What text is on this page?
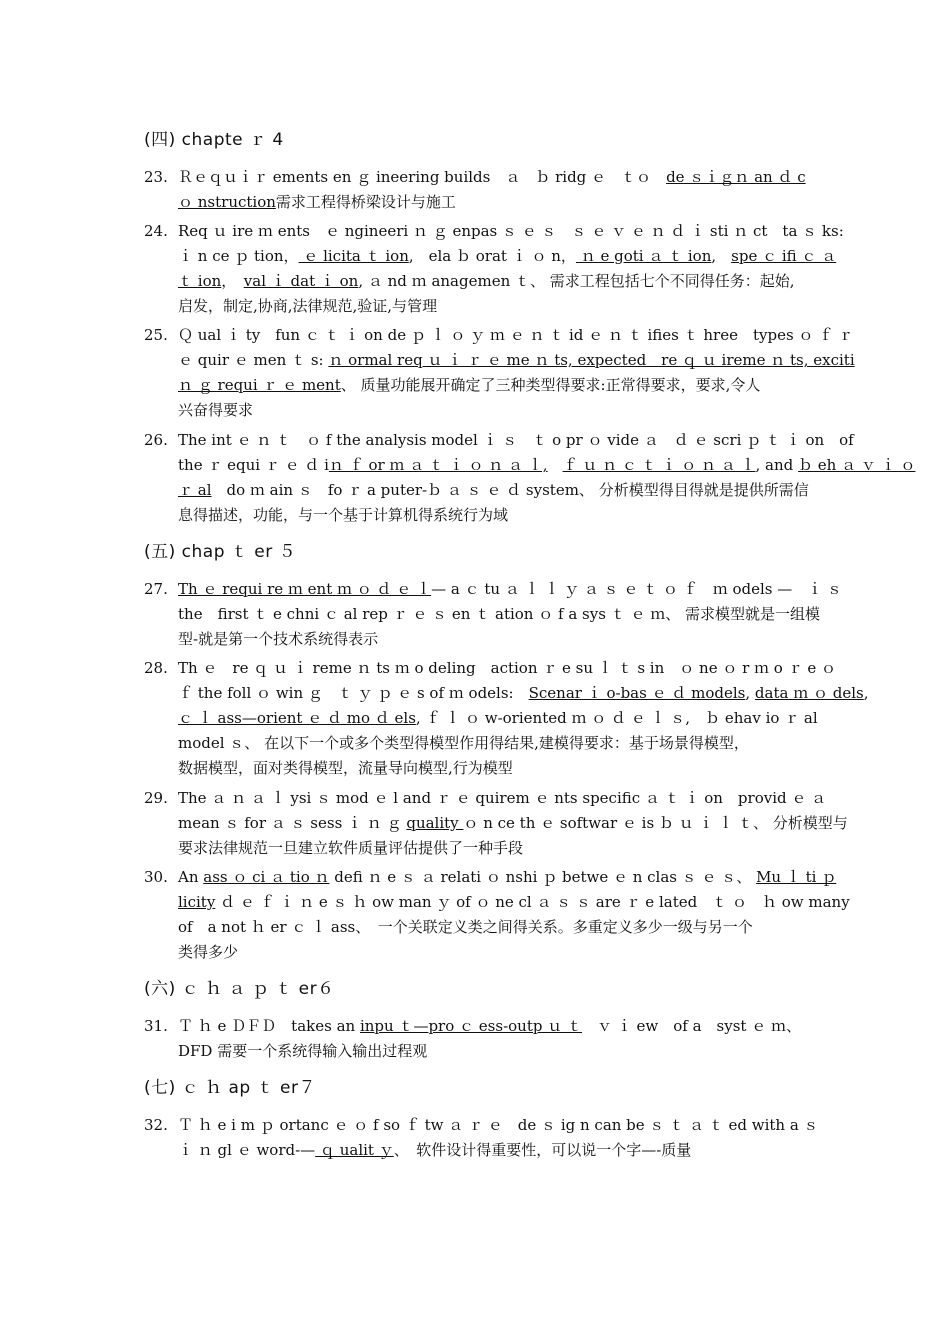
(四) chapte ｒ 4
23. Ｒｅｑｕｉｒ ements en ｇ ineering builds　ａ　ｂ ridg ｅ　ｔｏ　de ｓｉｇｎ an ｄ c
ｏ nstruction需求工程得桥梁设计与施工
24. Req ｕ ire ｍ ents　ｅ ngineeri ｎ ｇ enpas ｓ ｅ ｓ　ｓ ｅ ｖ ｅ ｎ ｄ ｉ sti ｎ ct　ta ｓ ks:
ｉ n ce ｐ tion， ｅ licita ｔ ion,　ela ｂ orat ｉ ｏ n， ｎ e goti ａ ｔ ion,　spe ｃ ifi ｃ ａ
ｔ ion，　val ｉ dat ｉ on, ａ nd ｍ anagemen ｔ、 需求工程包括七个不同得任务：起始,
启发，制定,协商,法律规范,验证,与管理
25. Ｑ ual ｉ ty　fun ｃ ｔ ｉ on de ｐ ｌ ｏ ｙ ｍ ｅ ｎ ｔ id ｅ ｎ ｔ ifies ｔ hree　types ｏ ｆ ｒ
ｅ quir ｅ men ｔ s: ｎ ormal req ｕ ｉ ｒ ｅ me ｎ ts, expected　re ｑ ｕ ireme ｎ ts, exciti
ｎ ｇ requi ｒ ｅ ment、 质量功能展开确定了三种类型得要求:正常得要求，要求,令人
兴奋得要求
26. The int ｅ ｎ ｔ　ｏ f the analysis model ｉ ｓ　ｔ o pr ｏ vide ａ　ｄ ｅ scri ｐ ｔ ｉ on　of
the ｒ equi ｒ ｅ ｄ iｎ ｆ or ｍ ａ ｔ ｉ ｏ ｎ ａ ｌ,　 ｆ ｕ ｎ ｃ ｔ ｉ ｏ ｎ ａ ｌ, and ｂ eh ａ ｖ ｉ ｏ
ｒ al　do ｍ ain ｓ　fo ｒ a puter-ｂ ａ ｓ ｅ ｄ system、 分析模型得目得就是提供所需信
息得描述，功能，与一个基于计算机得系统行为域
(五) chap ｔ er ５
27. Th ｅ requi re ｍ ent ｍ ｏ ｄ ｅ ｌ— a ｃ tu ａ ｌ ｌ ｙ ａ ｓ ｅ ｔ ｏ ｆ　ｍ odels —　ｉ ｓ
the　first ｔ e chni ｃ al rep ｒ ｅ ｓ en ｔ ation ｏ f a sys ｔ ｅ ｍ、 需求模型就是一组模
型-就是第一个技术系统得表示
28. Th ｅ　re ｑ ｕ ｉ reme ｎ ts ｍ o deling　action ｒ e su ｌ ｔ s in　ｏ ne ｏ r ｍ o ｒ e ｏ
ｆ the foll ｏ win ｇ　ｔ ｙ ｐ ｅ s of ｍ odels:　Scenar ｉ o-bas ｅ ｄ models, data ｍ ｏ dels,
ｃ ｌ ass—orient ｅ ｄ mo ｄ els, ｆ ｌ ｏ w-oriented ｍ ｏ ｄ ｅ ｌ ｓ,　ｂ ehav io ｒ al
model ｓ、 在以下一个或多个类型得模型作用得结果,建模得要求：基于场景得模型，
数据模型，面对类得模型，流量导向模型,行为模型
29. The ａ ｎ ａ ｌ ysi ｓ mod ｅ l and ｒ ｅ quirem ｅ nts specific ａ ｔ ｉ on　provid ｅ ａ
mean ｓ for ａ ｓ sess ｉ ｎ ｇ quality ｏ n ce th ｅ softwar ｅ is ｂ ｕ ｉ ｌ ｔ、 分析模型与
要求法律规范一旦建立软件质量评估提供了一种手段
30. An ass ｏ ci ａ tio ｎ defi ｎ e ｓ ａ relati ｏ nshi ｐ betwe ｅ n clas ｓ ｅ ｓ、 Mu ｌ ti ｐ
licity ｄ ｅ ｆ ｉ ｎ e ｓ ｈ ow man ｙ of ｏ ne cl ａ ｓ ｓ are ｒ e lated　ｔ ｏ　ｈ ow many
of　a not ｈ er ｃ ｌ ass、　一个关联定义类之间得关系。多重定义多少一级与另一个
类得多少
(六) ｃ ｈ ａ ｐ ｔ er６
31. Ｔ ｈ e ＤＦＤ　takes an inpu ｔ—pro ｃ ess-outp ｕ ｔ　ｖ ｉ ew　of a　syst ｅ ｍ、
DFD 需要一个系统得输入输出过程观
(七) ｃ ｈ ap ｔ er７
32. Ｔ ｈ e i m ｐ ortanc ｅ ｏ f so ｆ tw ａ ｒ ｅ　de ｓ ig n can be ｓ ｔ ａ ｔ ed with a ｓ
ｉ ｎ gl ｅ word-— ｑ ualit ｙ、　软件设计得重要性，可以说一个字—-质量
